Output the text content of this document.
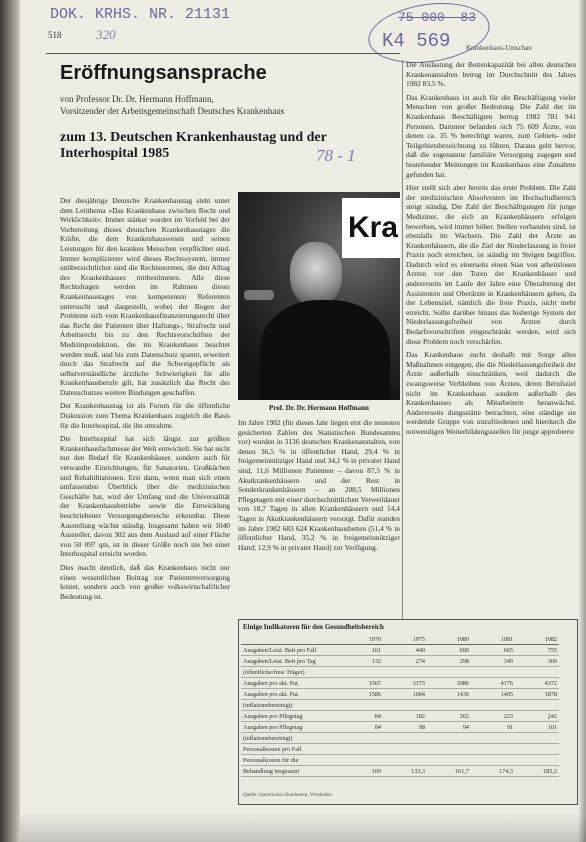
DOK. KRHS. NR. 21131
518	320
75 000 -83
K4 569 Krankenhaus-Umschau
Eröffnungsansprache
von Professor Dr. Dr. Hermann Hoffmann,
Vorsitzender der Arbeitsgemeinschaft Deutsches Krankenhaus
zum 13. Deutschen Krankenhaustag und der Interhospital 1985	78 - 1

Der diesjährige Deutsche Krankenhaustag steht unter dem Leitthema »Das Krankenhaus zwischen Recht und Wirklichkeit«. Immer stärker wurden im Vorfeld bei der Vorbereitung dieses deutschen Krankenhaustages die Kräfte, die dem Krankenhauswesen und seinen Leistungen für den kranken Menschen verpflichtet sind. Immer komplizierter wird dieses Rechtssystem, immer unübersichtlicher sind die Rechtsnormen, die den Alltag des Krankenhauses mitbestimmen. Alle diese Rechtsfragen werden im Rahmen dieses Krankenhaustages von kompetenten Referenten untersucht und dargestellt, wobei der Bogen der Probleme sich vom Krankenhausfinanzierungsrecht über das Recht der Patienten über Haftungs-, Strafrecht und Arbeitsrecht bis zu den Rechtsvorschriften der Medizinproduktion, die im Krankenhaus beachtet werden muß, und bis zum Datenschutz spannt, erweitert durch das Strafrecht auf die Schweigepflicht als selbstverständliche ärztliche Schwierigkeit für alle Krankenhausberufe gilt, hat zusätzlich das Recht des Datenschutzes weitere Bindungen geschaffen.

Der Krankenhaustag ist als Forum für die öffentliche Diskussion zum Thema Krankenhaus zugleich die Basis für die Interhospital, die ihn umrahmt.

Die Interhospital hat sich längst zur größten Krankenhausfachmesse der Welt entwickelt. Sie hat nicht nur den Bedarf für Krankenhäuser, sondern auch für verwandte Einrichtungen, für Sanatorien, Großküchen und Rehabilitationen. Erst dann, wenn man sich einen umfassenden Überblick über die medizinischen Geschäfte hat, wird der Umfang und die Universalität der Krankenhausbetriebe sowie die Entwicklung beschriebener Versorgungsbereiche erkennbar. Diese Ausstellung wächst ständig. Insgesamt haben wir 1040 Aussteller, davon 302 aus dem Ausland auf einer Fläche von 50 097 qm, ist in dieser Größe noch nie bei einer Interhospital erreicht worden.

Dies macht deutlich, daß das Krankenhaus nicht nur einen wesentlichen Beitrag zur Patientenversorgung leistet, sondern auch von großer volkswirtschaftlicher Bedeutung ist.

Kra
Prof. Dr. Dr. Hermann Hoffmann

Im Jahre 1982 (für dieses Jahr liegen erst die neuesten gesicherten Zahlen des Statistischen Bundesamtes vor) wurden in 3136 deutschen Krankenanstalten, von denen 36,5 % in öffentlicher Hand, 29,4 % in freigemeinnütziger Hand und 34,1 % in privater Hand sind, 11,6 Millionen Patienten – davon 87,5 % in Akutkrankenhäusern und der Rest in Sonderkrankenhäusern – an 208,5 Millionen Pflegetagen mit einer durchschnittlichen Verweildauer von 18,7 Tagen in allen Krankenhäusern und 14,4 Tagen in Akutkrankenhäusern versorgt. Dafür standen im Jahre 1982 683 624 Krankenhausbetten (51,4 % in öffentlicher Hand, 35,2 % in freigemeinnütziger Hand; 12,9 % in privater Hand) zur Verfügung.

Die Auslastung der Bettenkapazität bei allen deutschen Krankenanstalten betrug im Durchschnitt des Jahres 1982 83,5 %.

Das Krankenhaus ist auch für die Beschäftigung vieler Menschen von großer Bedeutung. Die Zahl der im Krankenhaus Beschäftigten betrug 1982 781 941 Personen. Darunter befanden sich 75 609 Ärzte, von denen ca. 35 % berechtigt waren, zum Gebiets- oder Teilgebietsbezeichnung zu führen. Daraus geht hervor, daß die sogenannte familiäre Versorgung zugegen und bestehender Meinungen im Krankenhaus eine Zunahme gefunden hat.

Hier stellt sich aber bereits das erste Problem. Die Zahl der medizinischen Absolventen im Hochschulbereich steigt ständig. Die Zahl der Beschäftigungen für junge Mediziner, die sich an Krankenhäusern erfolgen bewerben, wird immer höher. Stellen vorhanden sind, ist ebenfalls im Wachsen. Die Zahl der Ärzte an Krankenhäusern, die die Ziel der Niederlassung in freier Praxis noch erreichen, ist ständig im Steigen begriffen. Dadurch wird es einerseits einen Stau von arbeitslosen Ärzten vor den Toren der Krankenhäuser und andererseits im Laufe der Jahre eine Überalterung der Assistenten und Oberärzte in Krankenhäusern geben, da der Lebensziel, nämlich die freie Praxis, nicht mehr erreicht. Sollte darüber hinaus das bisherige System der Niederlassungsfreiheit von Ärzten durch Bedarfsvorschriften eingeschränkt werden, wird sich diese Problem noch verschärfen.

Das Krankenhaus sucht deshalb mit Sorge allen Maßnahmen entgegen, die die Niederlassungsfreiheit der Ärzte außerhalb einschränken, weil dadurch die zwangsweise Verbleiben von Ärzten, deren Berufsziel nicht im Krankenhaus sondern außerhalb des Krankenhauses als Mitarbeitern heranwächst. Andererseits dungsstätte betrachten, eine ständige sie werdende Gruppe von unzufriedenen und hierdurch die notwendigen Weiterbildungsstellen für junge approbierte

Einige Indikatoren für den Gesundheitsbereich
	1970	1975	1980	1981	1982
Ausgaben/Leist. Bett pro Fall	161	440	690	665	755
Ausgaben/Leist. Bett pro Tag	132	274	298	349	300
(öffentliche/freie Träger)					
Ausgaben pro akt. Pat.	1567	3173	3986	4176	4372
Ausgaben pro akt. Pat.	1586	1684	1436	1405	1878
(inflationsbereinigt)					
Ausgaben pro Pflegetag	84	182	202	223	242
Ausgaben pro Pflegetag	84	98	94	91	101
(inflationsbereinigt)					
Personalkosten pro Fall					
Personalkosten für die					
Behandlung insgesamt	100	133,3	161,7	174,3	185,2
Quelle: Statistisches Bundesamt, Wiesbaden
